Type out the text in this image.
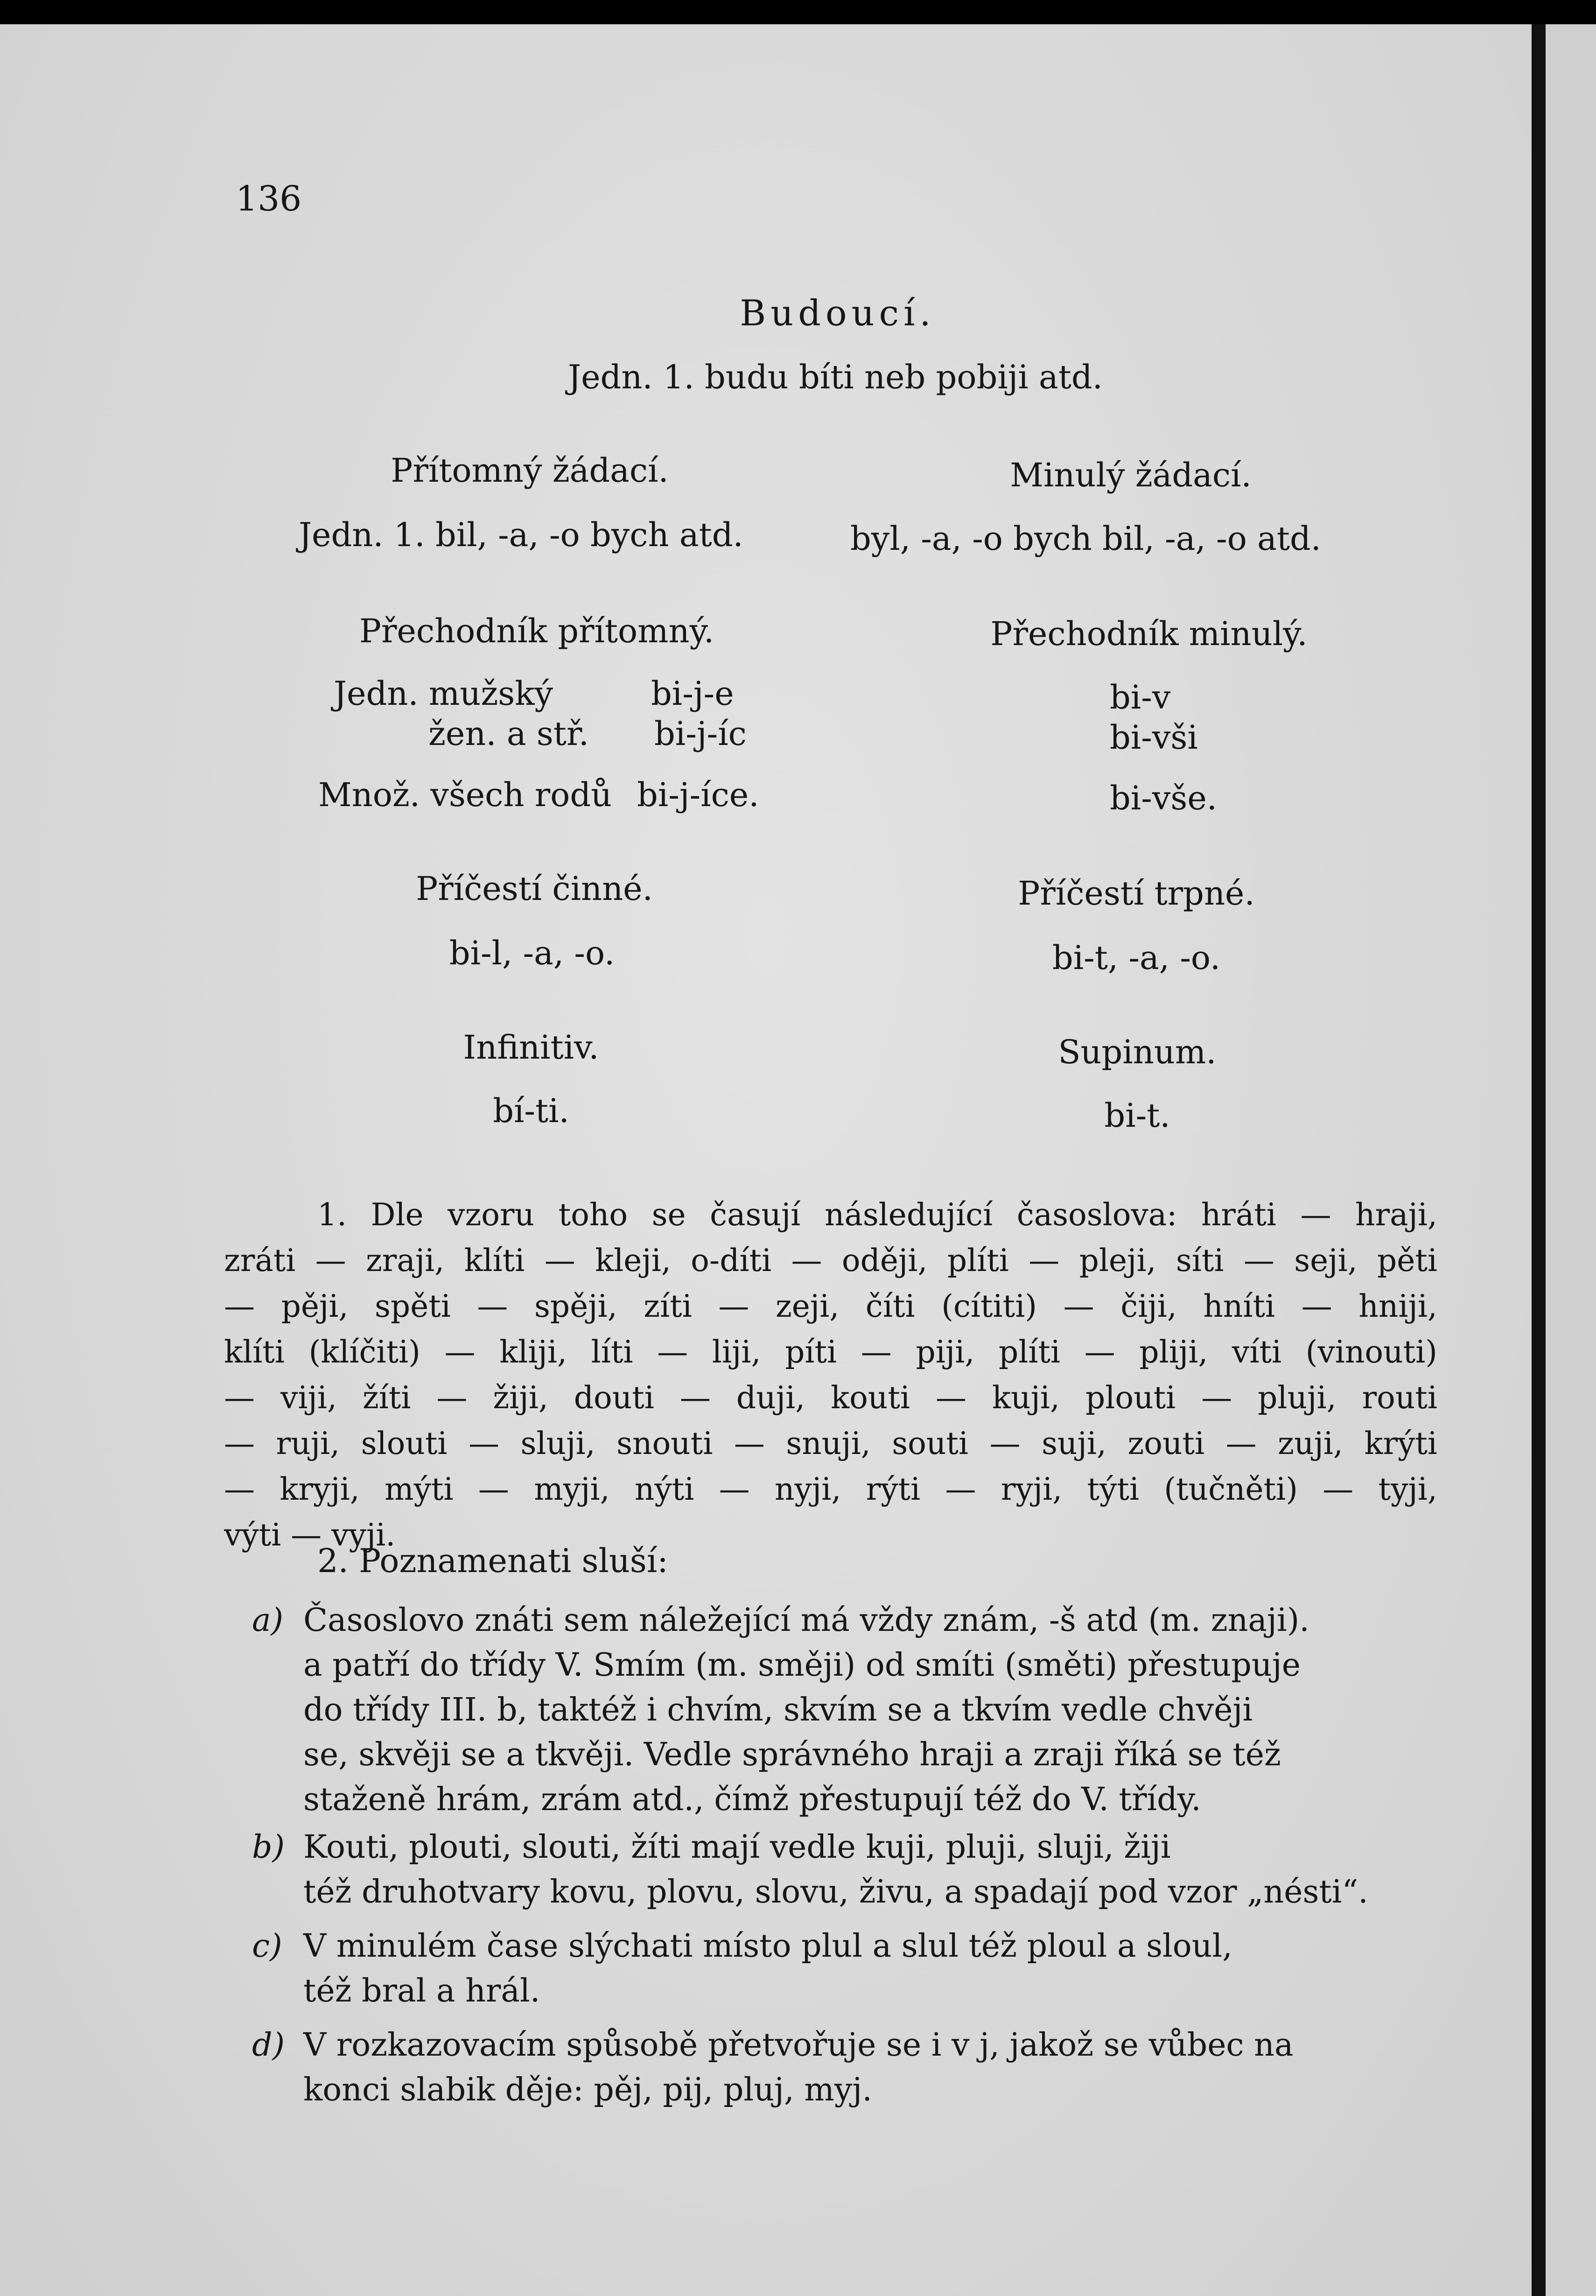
136
Budoucí.
Jedn. 1. budu bíti neb pobiji atd.
Přítomný žádací.	Minulý žádací.
Jedn. 1. bil, -a, -o bych atd.	byl, -a, -o bych bil, -a, -o atd.
Přechodník přítomný.	Přechodník minulý.
Jedn. mužský	bi-j-e	bi-v
žen. a stř. bi-j-íc	bi-vši
Množ. všech rodů bi-j-íce.	bi-vše.
Příčestí činné.	Příčestí trpné.
bi-l, -a, -o.	bi-t, -a, -o.
Infinitiv.	Supinum.
bí-ti.	bi-t.
1. Dle vzoru toho se časují následující časoslova: hráti — hraji,
zráti — zraji, klíti — kleji, o-díti — oději, plíti — pleji, síti — seji, pěti
— pěji, spěti — spěji, zíti — zeji, číti (cítiti) — čiji, hníti — hniji,
klíti (klíčiti) — kliji, líti — liji, píti — piji, plíti — pliji, víti (vinouti)
— viji, žíti — žiji, douti — duji, kouti — kuji, plouti — pluji, routi
— ruji, slouti — sluji, snouti — snuji, souti — suji, zouti — zuji, krýti
— kryji, mýti — myji, nýti — nyji, rýti — ryji, týti (tučněti) — tyji,
výti — vyji.
2. Poznamenati sluší:
a) Časoslovo znáti sem náležející má vždy znám, -š atd (m. znaji).
a patří do třídy V. Smím (m. směji) od smíti (směti) přestupuje
do třídy III. b, taktéž i chvím, skvím se a tkvím vedle chvěji
se, skvěji se a tkvěji. Vedle správného hraji a zraji říká se též
staženě hrám, zrám atd., čímž přestupují též do V. třídy.
b) Kouti, plouti, slouti, žíti mají vedle kuji, pluji, sluji, žiji
též druhotvary kovu, plovu, slovu, živu, a spadají pod vzor „nésti“.
c) V minulém čase slýchati místo plul a slul též ploul a sloul,
též bral a hrál.
d) V rozkazovacím spůsobě přetvořuje se i v j, jakož se vůbec na
konci slabik děje: pěj, pij, pluj, myj.
